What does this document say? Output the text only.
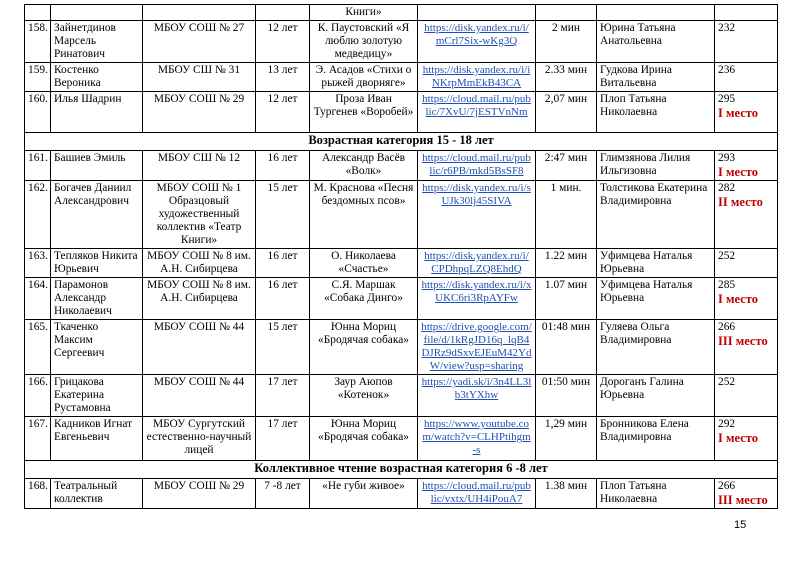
				Книги»				
158.	Зайнетдинов Марсель Ринатович	МБОУ СОШ № 27	12 лет	К. Паустовский «Я люблю золотую медведицу»	https://disk.yandex.ru/i/mCrl7Six-wKg3Q	2 мин	Юрина Татьяна Анатольевна	232

159.	Костенко Вероника	МБОУ СШ № 31	13 лет	Э. Асадов «Стихи о рыжей дворняге»	https://disk.yandex.ru/i/iNKrpMmEkB43CA	2.33 мин	Гудкова Ирина Витальевна	236

160.	Илья Шадрин	МБОУ СОШ № 29	12 лет	Проза Иван Тургенев «Воробей»	https://cloud.mail.ru/public/7XvU/7jESTVnNm	2,07 мин	Плоп Татьяна Николаевна	295
I место

Возрастная категория 15 - 18 лет								
161.	Башиев Эмиль	МБОУ СШ № 12	16 лет	Александр Васёв «Волк»	https://cloud.mail.ru/public/r6PB/mkd5BsSF8	2:47 мин	Глимзянова Лилия Ильгизовна	293
I место

162.	Богачев Даниил Александрович	МБОУ СОШ № 1 Образцовый художественный коллектив «Театр Книги»	15 лет	М. Краснова «Песня бездомных псов»	https://disk.yandex.ru/i/sUJk30lj45SIVA	1 мин.	Толстикова Екатерина Владимировна	282
II место

163.	Тепляков Никита Юрьевич	МБОУ СОШ № 8 им. А.Н. Сибирцева	16 лет	О. Николаева «Счастье»	https://disk.yandex.ru/i/CPDhpqLZQ8EhdQ	1.22 мин	Уфимцева Наталья Юрьевна	252

164.	Парамонов Александр Николаевич	МБОУ СОШ № 8 им. А.Н. Сибирцева	16 лет	С.Я. Маршак «Собака Динго»	https://disk.yandex.ru/i/xUKC6ri3RpAYFw	1.07 мин	Уфимцева Наталья Юрьевна	285
I место

165.	Ткаченко Максим Сергеевич	МБОУ СОШ № 44	15 лет	Юнна Мориц «Бродячая собака»	https://drive.google.com/file/d/1kRgJD16q_lqB4DJRz9dSxvEJEuM42YdW/view?usp=sharing	01:48 мин	Гуляева Ольга Владимировна	266
III место

166.	Грицакова Екатерина Рустамовна	МБОУ СОШ № 44	17 лет	Заур Аюпов «Котенок»	https://yadi.sk/i/3n4LL3lb3tYXhw	01:50 мин	Дороганъ Галина Юрьевна	252

167.	Кадников Игнат Евгеньевич	МБОУ Сургутский естественно-научный лицей	17 лет	Юнна Мориц «Бродячая собака»	https://www.youtube.com/watch?v=CLHPtihgm-s	1,29 мин	Бронникова Елена Владимировна	292
I место

Коллективное чтение возрастная категория 6 -8 лет								
168.	Театральный коллектив	МБОУ СОШ № 29	7 -8 лет	«Не губи живое»	https://cloud.mail.ru/public/vxtx/UH4iPouA7	1.38 мин	Плоп Татьяна Николаевна	266
III место
15
